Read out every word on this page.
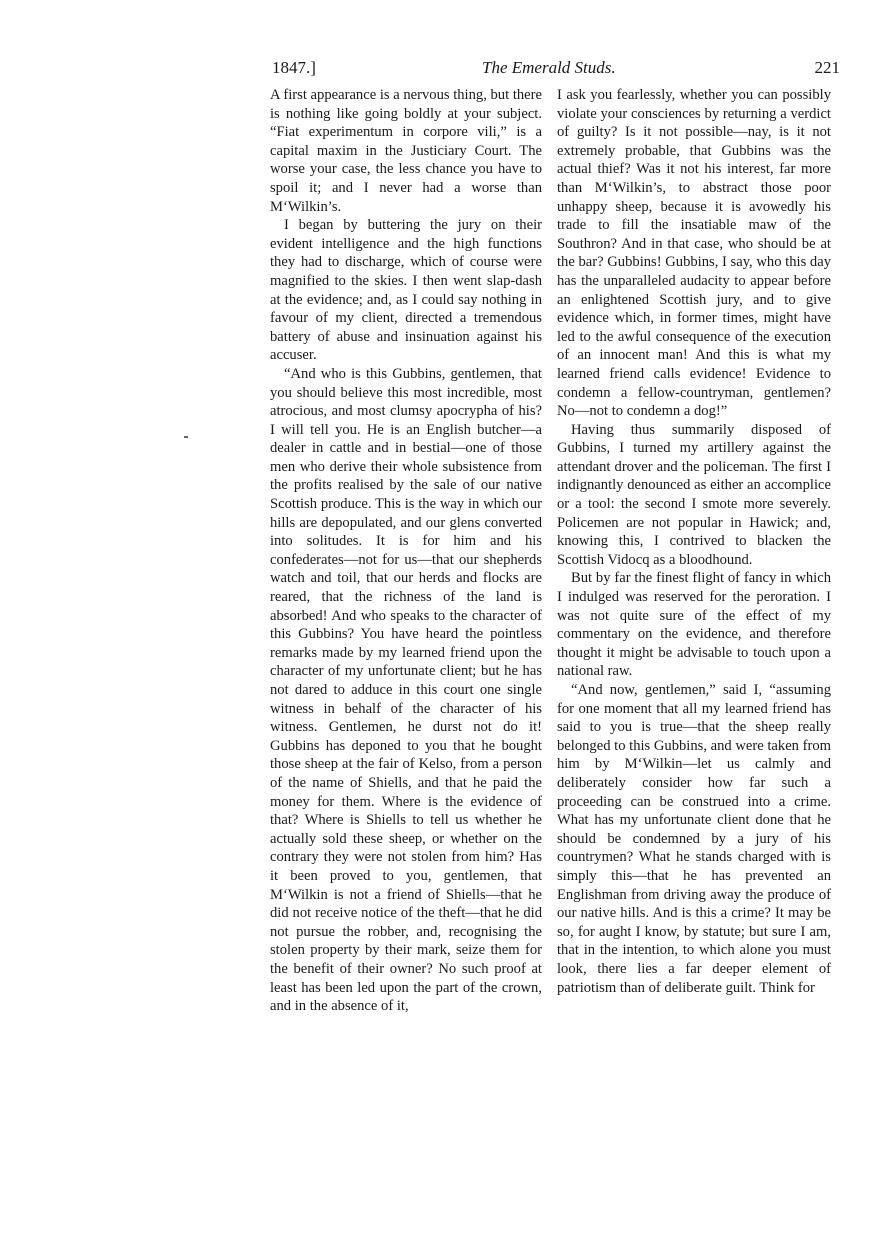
1847.]	The Emerald Studs.	221

A first appearance is a nervous thing, but there is nothing like going boldly at your subject. “Fiat experimentum in corpore vili,” is a capital maxim in the Justiciary Court. The worse your case, the less chance you have to spoil it; and I never had a worse than M‘Wilkin’s.

I began by buttering the jury on their evident intelligence and the high functions they had to discharge, which of course were magnified to the skies. I then went slap-dash at the evidence; and, as I could say nothing in favour of my client, directed a tremendous battery of abuse and insinuation against his accuser.

“And who is this Gubbins, gentlemen, that you should believe this most incredible, most atrocious, and most clumsy apocrypha of his? I will tell you. He is an English butcher—a dealer in cattle and in bestial—one of those men who derive their whole subsistence from the profits realised by the sale of our native Scottish produce. This is the way in which our hills are depopulated, and our glens converted into solitudes. It is for him and his confederates—not for us—that our shepherds watch and toil, that our herds and flocks are reared, that the richness of the land is absorbed! And who speaks to the character of this Gubbins? You have heard the pointless remarks made by my learned friend upon the character of my unfortunate client; but he has not dared to adduce in this court one single witness in behalf of the character of his witness. Gentlemen, he durst not do it! Gubbins has deponed to you that he bought those sheep at the fair of Kelso, from a person of the name of Shiells, and that he paid the money for them. Where is the evidence of that? Where is Shiells to tell us whether he actually sold these sheep, or whether on the contrary they were not stolen from him? Has it been proved to you, gentlemen, that M‘Wilkin is not a friend of Shiells—that he did not receive notice of the theft—that he did not pursue the robber, and, recognising the stolen property by their mark, seize them for the benefit of their owner? No such proof at least has been led upon the part of the crown, and in the absence of it,

I ask you fearlessly, whether you can possibly violate your consciences by returning a verdict of guilty? Is it not possible—nay, is it not extremely probable, that Gubbins was the actual thief? Was it not his interest, far more than M‘Wilkin’s, to abstract those poor unhappy sheep, because it is avowedly his trade to fill the insatiable maw of the Southron? And in that case, who should be at the bar? Gubbins! Gubbins, I say, who this day has the unparalleled audacity to appear before an enlightened Scottish jury, and to give evidence which, in former times, might have led to the awful consequence of the execution of an innocent man! And this is what my learned friend calls evidence! Evidence to condemn a fellow-countryman, gentlemen? No—not to condemn a dog!”

Having thus summarily disposed of Gubbins, I turned my artillery against the attendant drover and the policeman. The first I indignantly denounced as either an accomplice or a tool: the second I smote more severely. Policemen are not popular in Hawick; and, knowing this, I contrived to blacken the Scottish Vidocq as a bloodhound.

But by far the finest flight of fancy in which I indulged was reserved for the peroration. I was not quite sure of the effect of my commentary on the evidence, and therefore thought it might be advisable to touch upon a national raw.

“And now, gentlemen,” said I, “assuming for one moment that all my learned friend has said to you is true—that the sheep really belonged to this Gubbins, and were taken from him by M‘Wilkin—let us calmly and deliberately consider how far such a proceeding can be construed into a crime. What has my unfortunate client done that he should be condemned by a jury of his countrymen? What he stands charged with is simply this—that he has prevented an Englishman from driving away the produce of our native hills. And is this a crime? It may be so, for aught I know, by statute; but sure I am, that in the intention, to which alone you must look, there lies a far deeper element of patriotism than of deliberate guilt. Think for
